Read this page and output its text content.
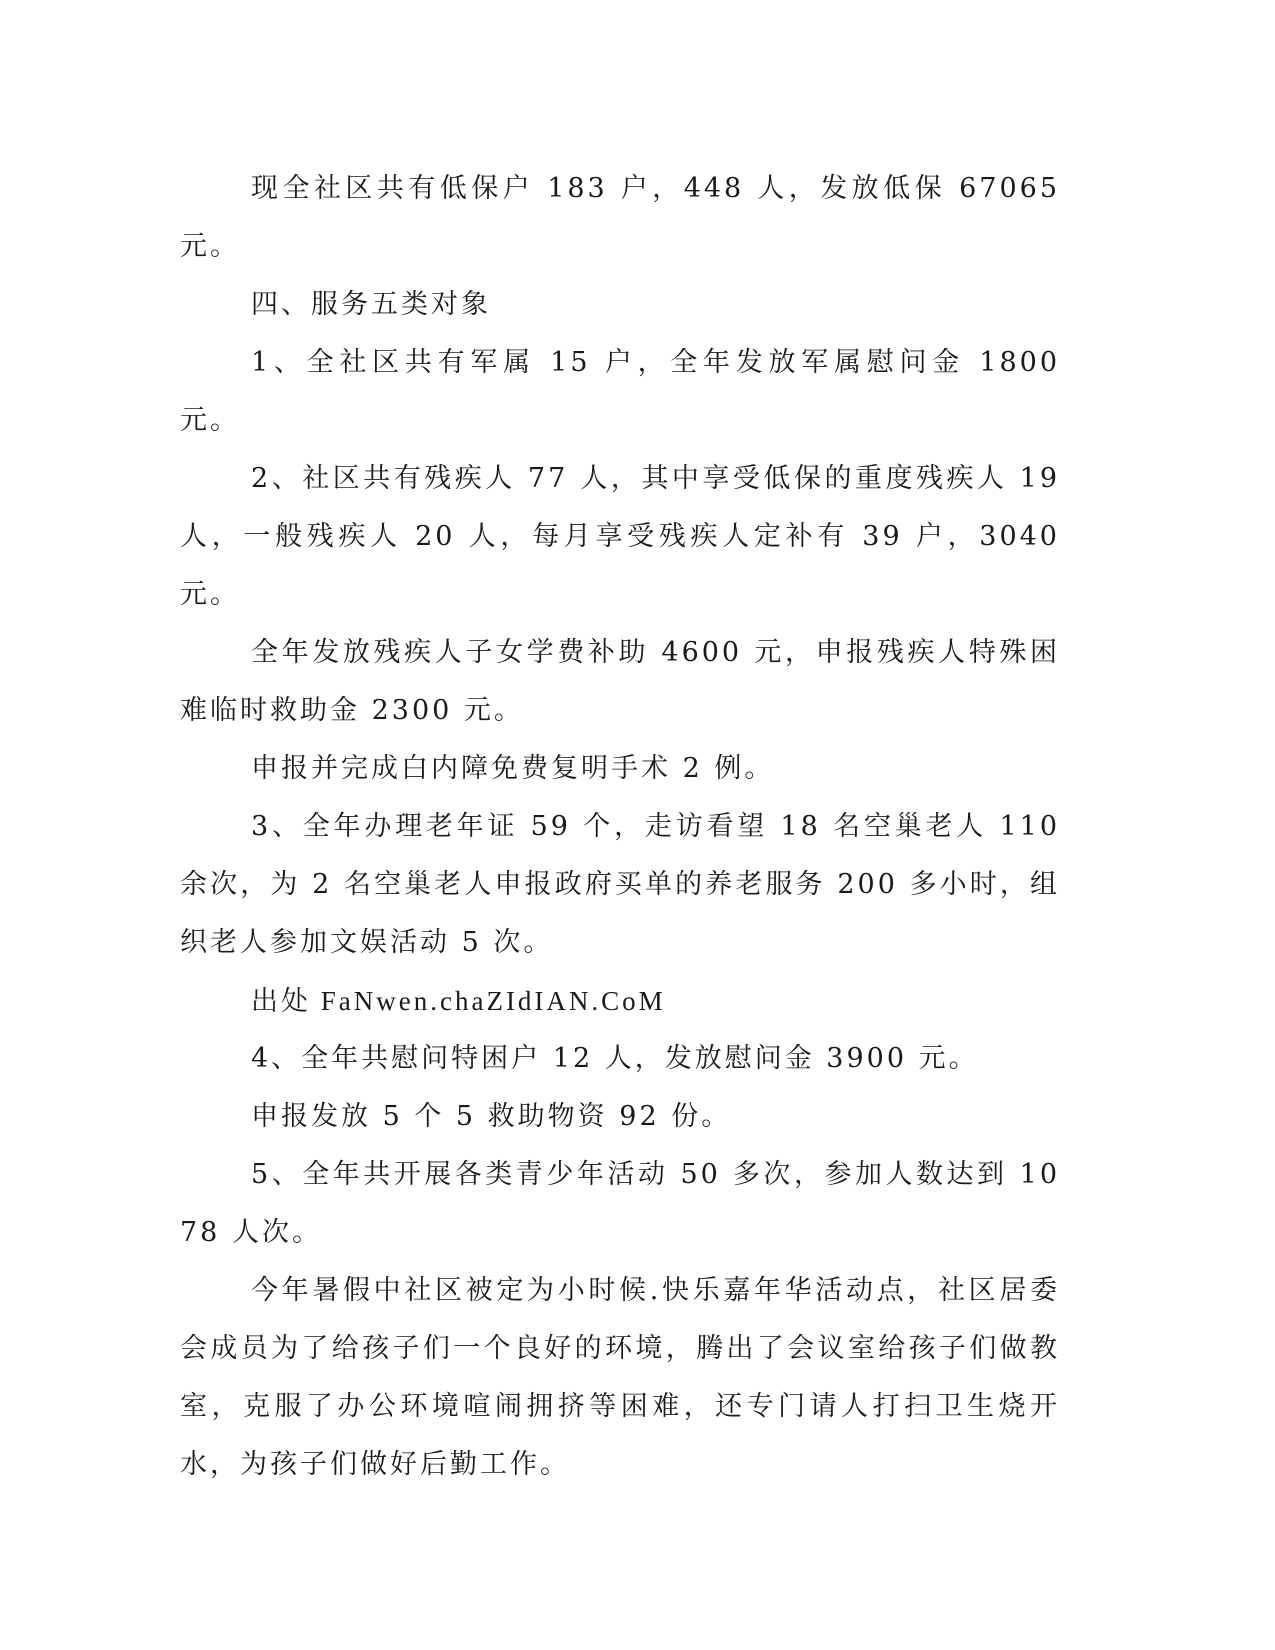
现全社区共有低保户 183 户，448 人，发放低保 67065 元。

四、服务五类对象

1、全社区共有军属 15 户，全年发放军属慰问金 1800 元。

2、社区共有残疾人 77 人，其中享受低保的重度残疾人 19 人，一般残疾人 20 人，每月享受残疾人定补有 39 户，3040 元。

全年发放残疾人子女学费补助 4600 元，申报残疾人特殊困难临时救助金 2300 元。

申报并完成白内障免费复明手术 2 例。

3、全年办理老年证 59 个，走访看望 18 名空巢老人 110 余次，为 2 名空巢老人申报政府买单的养老服务 200 多小时，组织老人参加文娱活动 5 次。

出处 FaNwen.chaZIdIAN.CoM

4、全年共慰问特困户 12 人，发放慰问金 3900 元。

申报发放 5 个 5 救助物资 92 份。

5、全年共开展各类青少年活动 50 多次，参加人数达到 1078 人次。

今年暑假中社区被定为小时候.快乐嘉年华活动点，社区居委会成员为了给孩子们一个良好的环境，腾出了会议室给孩子们做教室，克服了办公环境喧闹拥挤等困难，还专门请人打扫卫生烧开水，为孩子们做好后勤工作。
